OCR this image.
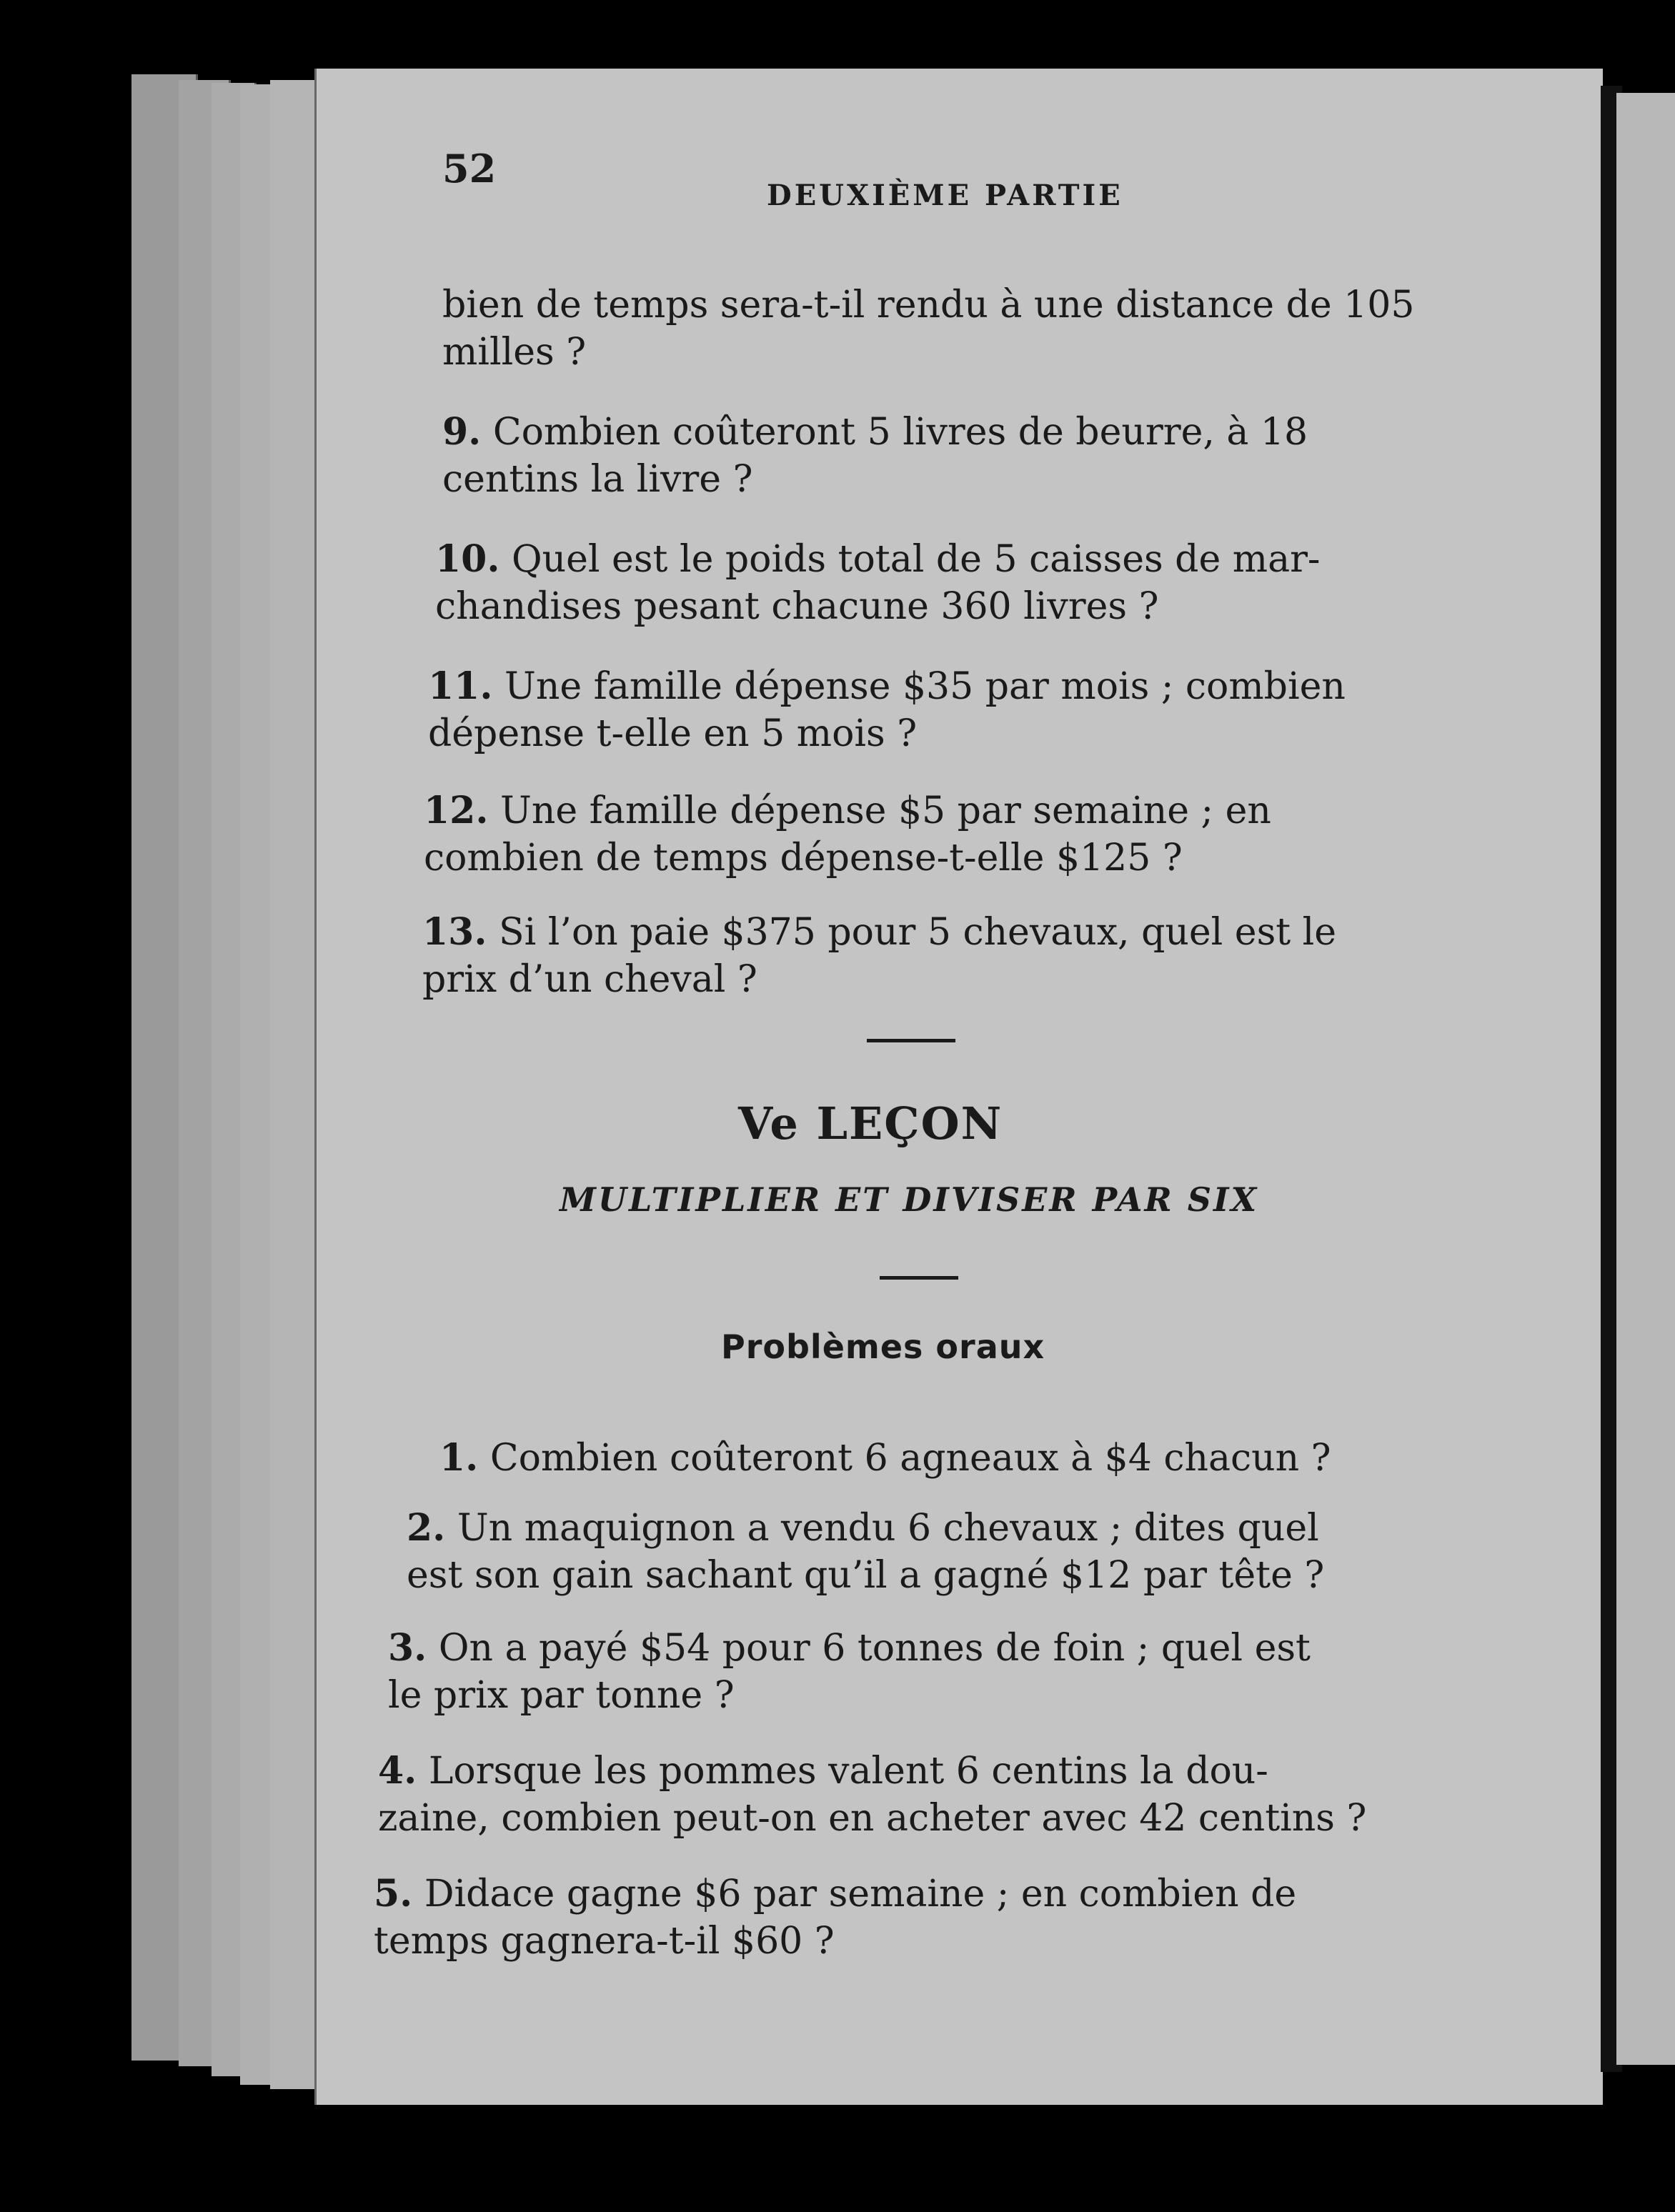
52
DEUXIÈME PARTIE

bien de temps sera-t-il rendu à une distance de 105
milles ?

9. Combien coûteront 5 livres de beurre, à 18
centins la livre ?

10. Quel est le poids total de 5 caisses de mar-
chandises pesant chacune 360 livres ?

11. Une famille dépense $35 par mois ; combien
dépense t-elle en 5 mois ?

12. Une famille dépense $5 par semaine ; en
combien de temps dépense-t-elle $125 ?

13. Si l’on paie $375 pour 5 chevaux, quel est le
prix d’un cheval ?

Ve LEÇON
MULTIPLIER ET DIVISER PAR SIX
Problèmes oraux

1. Combien coûteront 6 agneaux à $4 chacun ?

2. Un maquignon a vendu 6 chevaux ; dites quel
est son gain sachant qu’il a gagné $12 par tête ?

3. On a payé $54 pour 6 tonnes de foin ; quel est
le prix par tonne ?

4. Lorsque les pommes valent 6 centins la dou-
zaine, combien peut-on en acheter avec 42 centins ?

5. Didace gagne $6 par semaine ; en combien de
temps gagnera-t-il $60 ?
